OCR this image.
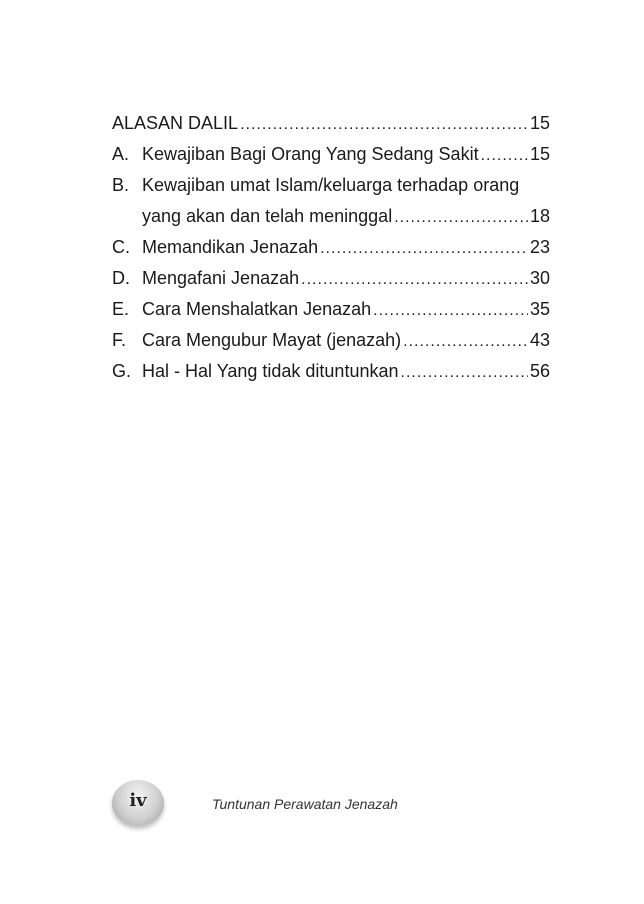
ALASAN DALIL .....	15
A. Kewajiban Bagi Orang Yang Sedang Sakit .....	15
B. Kewajiban umat Islam/keluarga terhadap orang
yang akan dan telah meninggal .....	18
C. Memandikan Jenazah .....	23
D. Mengafani Jenazah .....	30
E. Cara Menshalatkan Jenazah .....	35
F. Cara Mengubur Mayat (jenazah) .....	43
G. Hal - Hal Yang tidak dituntunkan .....	56
iv	Tuntunan Perawatan Jenazah
